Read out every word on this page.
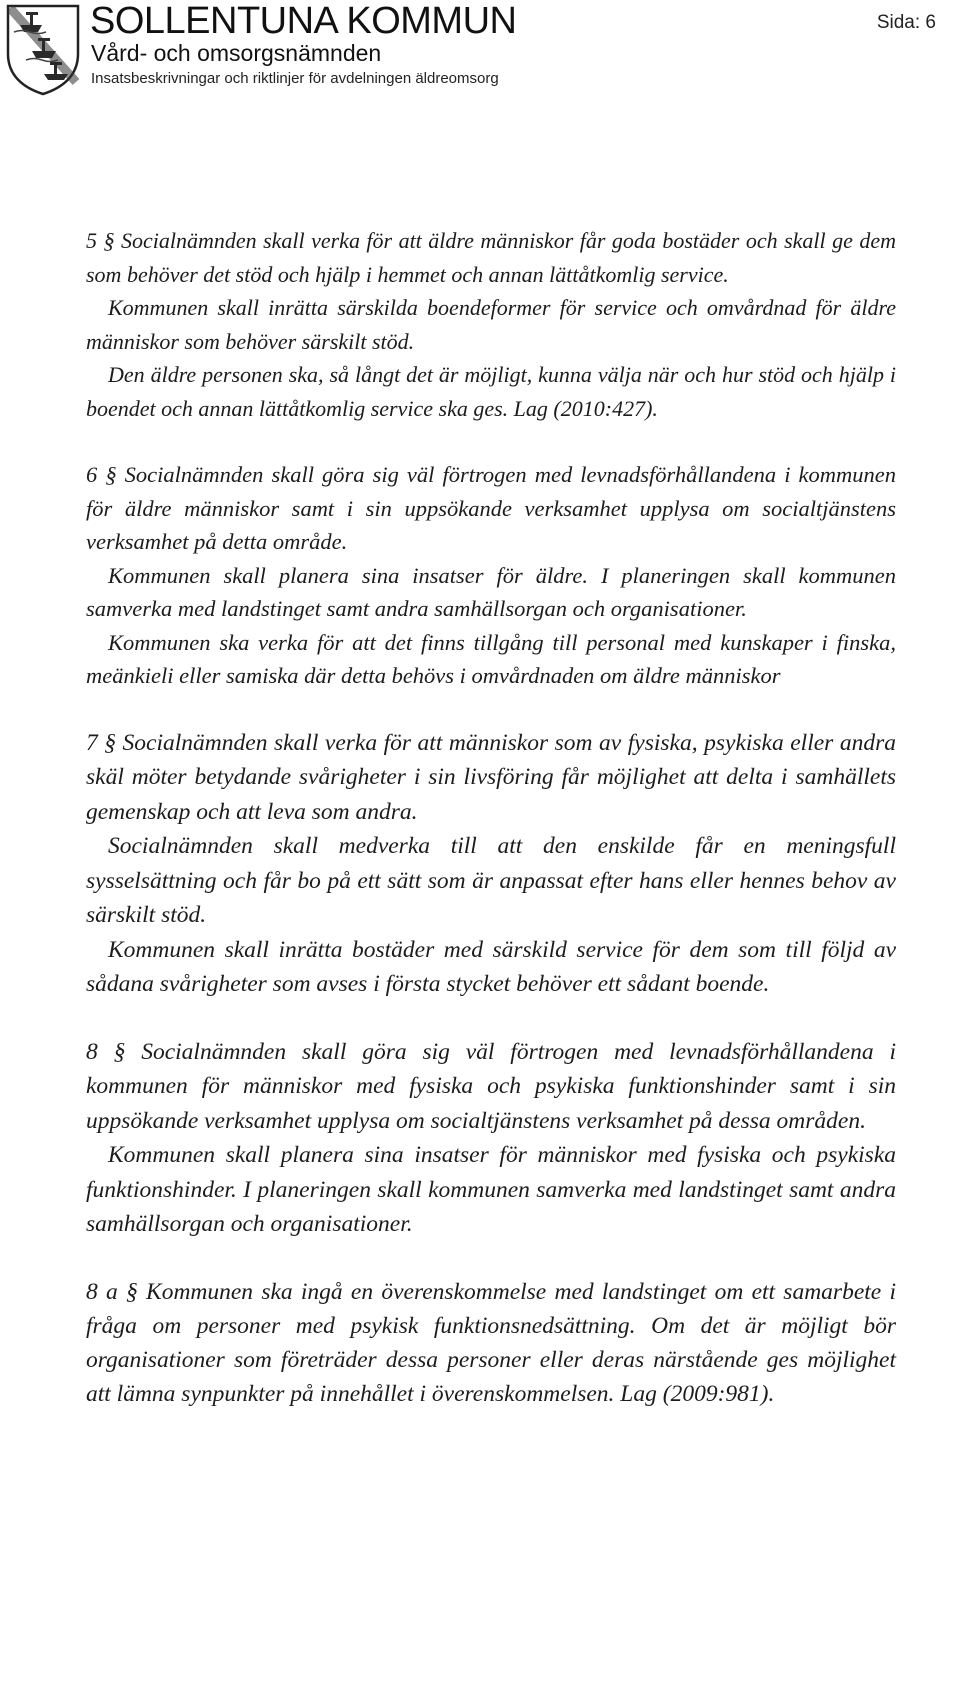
SOLLENTUNA KOMMUN
Vård- och omsorgsnämnden
Insatsbeskrivningar och riktlinjer för avdelningen äldreomsorg
Sida: 6

5 § Socialnämnden skall verka för att äldre människor får goda bostäder och skall ge dem som behöver det stöd och hjälp i hemmet och annan lättåtkomlig service.

Kommunen skall inrätta särskilda boendeformer för service och omvårdnad för äldre människor som behöver särskilt stöd.

Den äldre personen ska, så långt det är möjligt, kunna välja när och hur stöd och hjälp i boendet och annan lättåtkomlig service ska ges. Lag (2010:427).

6 § Socialnämnden skall göra sig väl förtrogen med levnadsförhållandena i kommunen för äldre människor samt i sin uppsökande verksamhet upplysa om socialtjänstens verksamhet på detta område.

Kommunen skall planera sina insatser för äldre. I planeringen skall kommunen samverka med landstinget samt andra samhällsorgan och organisationer.

Kommunen ska verka för att det finns tillgång till personal med kunskaper i finska, meänkieli eller samiska där detta behövs i omvårdnaden om äldre människor

7 § Socialnämnden skall verka för att människor som av fysiska, psykiska eller andra skäl möter betydande svårigheter i sin livsföring får möjlighet att delta i samhällets gemenskap och att leva som andra.

Socialnämnden skall medverka till att den enskilde får en meningsfull sysselsättning och får bo på ett sätt som är anpassat efter hans eller hennes behov av särskilt stöd.

Kommunen skall inrätta bostäder med särskild service för dem som till följd av sådana svårigheter som avses i första stycket behöver ett sådant boende.

8 § Socialnämnden skall göra sig väl förtrogen med levnadsförhållandena i kommunen för människor med fysiska och psykiska funktionshinder samt i sin uppsökande verksamhet upplysa om socialtjänstens verksamhet på dessa områden.

Kommunen skall planera sina insatser för människor med fysiska och psykiska funktionshinder. I planeringen skall kommunen samverka med landstinget samt andra samhällsorgan och organisationer.

8 a § Kommunen ska ingå en överenskommelse med landstinget om ett samarbete i fråga om personer med psykisk funktionsnedsättning. Om det är möjligt bör organisationer som företräder dessa personer eller deras närstående ges möjlighet att lämna synpunkter på innehållet i överenskommelsen. Lag (2009:981).
